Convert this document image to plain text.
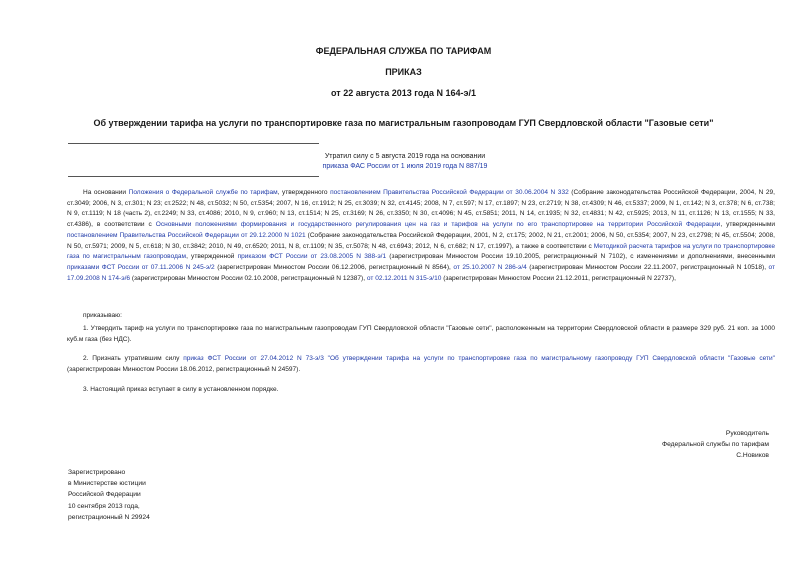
ФЕДЕРАЛЬНАЯ СЛУЖБА ПО ТАРИФАМ
ПРИКАЗ
от 22 августа 2013 года N 164-э/1
Об утверждении тарифа на услуги по транспортировке газа по магистральным газопроводам ГУП Свердловской области "Газовые сети"
Утратил силу с 5 августа 2019 года на основании
приказа ФАС России от 1 июля 2019 года N 887/19
На основании Положения о Федеральной службе по тарифам, утвержденного постановлением Правительства Российской Федерации от 30.06.2004 N 332 (Собрание законодательства Российской Федерации, 2004, N 29, ст.3049; 2006, N 3, ст.301; N 23; ст.2522; N 48, ст.5032; N 50, ст.5354; 2007, N 16, ст.1912; N 25, ст.3039; N 32, ст.4145; 2008, N 7, ст.597; N 17, ст.1897; N 23, ст.2719; N 38, ст.4309; N 46, ст.5337; 2009, N 1, ст.142; N 3, ст.378; N 6, ст.738; N 9, ст.1119; N 18 (часть 2), ст.2249; N 33, ст.4086; 2010, N 9, ст.960; N 13, ст.1514; N 25, ст.3169; N 26, ст.3350; N 30, ст.4096; N 45, ст.5851; 2011, N 14, ст.1935; N 32, ст.4831; N 42, ст.5925; 2013, N 11, ст.1126; N 13, ст.1555; N 33, ст.4386), в соответствии с Основными положениями формирования и государственного регулирования цен на газ и тарифов на услуги по его транспортировке на территории Российской Федерации, утвержденными постановлением Правительства Российской Федерации от 29.12.2000 N 1021 (Собрание законодательства Российской Федерации, 2001, N 2, ст.175; 2002, N 21, ст.2001; 2006, N 50, ст.5354; 2007, N 23, ст.2798; N 45, ст.5504; 2008, N 50, ст.5971; 2009, N 5, ст.618; N 30, ст.3842; 2010, N 49, ст.6520; 2011, N 8, ст.1109; N 35, ст.5078; N 48, ст.6943; 2012, N 6, ст.682; N 17, ст.1997), а также в соответствии с Методикой расчета тарифов на услуги по транспортировке газа по магистральным газопроводам, утвержденной приказом ФСТ России от 23.08.2005 N 388-э/1 (зарегистрирован Минюстом России 19.10.2005, регистрационный N 7102), с изменениями и дополнениями, внесенными приказами ФСТ России от 07.11.2006 N 245-э/2 (зарегистрирован Минюстом России 06.12.2006, регистрационный N 8564), от 25.10.2007 N 286-э/4 (зарегистрирован Минюстом России 22.11.2007, регистрационный N 10518), от 17.09.2008 N 174-э/6 (зарегистрирован Минюстом России 02.10.2008, регистрационный N 12387), от 02.12.2011 N 315-э/10 (зарегистрирован Минюстом России 21.12.2011, регистрационный N 22737),
приказываю:
1. Утвердить тариф на услуги по транспортировке газа по магистральным газопроводам ГУП Свердловской области "Газовые сети", расположенным на территории Свердловской области в размере 329 руб. 21 коп. за 1000 куб.м газа (без НДС).
2. Признать утратившим силу приказ ФСТ России от 27.04.2012 N 73-э/3 "Об утверждении тарифа на услуги по транспортировке газа по магистральному газопроводу ГУП Свердловской области "Газовые сети" (зарегистрирован Минюстом России 18.06.2012, регистрационный N 24597).
3. Настоящий приказ вступает в силу в установленном порядке.
Руководитель
Федеральной службы по тарифам
С.Новиков
Зарегистрировано
в Министерстве юстиции
Российской Федерации
10 сентября 2013 года,
регистрационный N 29924
